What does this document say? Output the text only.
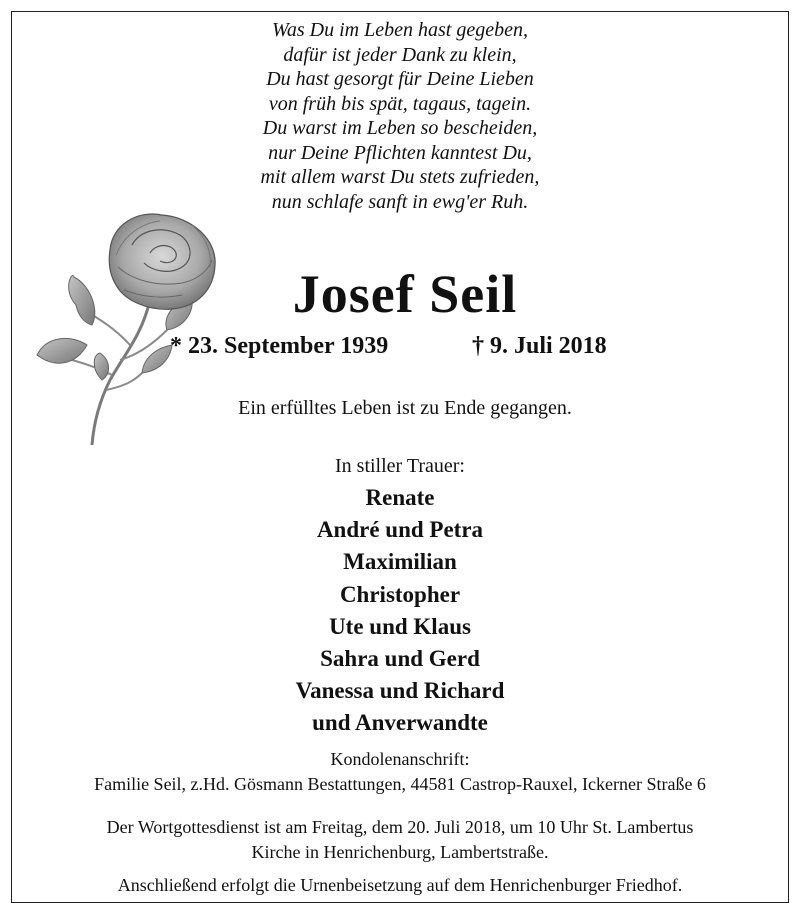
Was Du im Leben hast gegeben,
dafür ist jeder Dank zu klein,
Du hast gesorgt für Deine Lieben
von früh bis spät, tagaus, tagein.
Du warst im Leben so bescheiden,
nur Deine Pflichten kanntest Du,
mit allem warst Du stets zufrieden,
nun schlafe sanft in ewg'er Ruh.
Josef Seil
* 23. September 1939	† 9. Juli 2018
Ein erfülltes Leben ist zu Ende gegangen.
In stiller Trauer:
Renate
André und Petra
Maximilian
Christopher
Ute und Klaus
Sahra und Gerd
Vanessa und Richard
und Anverwandte
Kondolenanschrift:
Familie Seil, z.Hd. Gösmann Bestattungen, 44581 Castrop-Rauxel, Ickerner Straße 6
Der Wortgottesdienst ist am Freitag, dem 20. Juli 2018, um 10 Uhr St. Lambertus
Kirche in Henrichenburg, Lambertstraße.
Anschließend erfolgt die Urnenbeisetzung auf dem Henrichenburger Friedhof.
